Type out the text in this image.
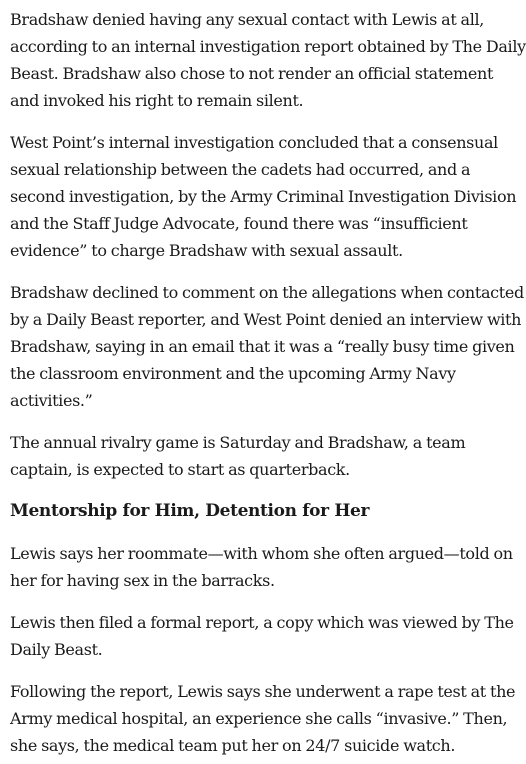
Bradshaw denied having any sexual contact with Lewis at all, according to an internal investigation report obtained by The Daily Beast. Bradshaw also chose to not render an official statement and invoked his right to remain silent.

West Point’s internal investigation concluded that a consensual sexual relationship between the cadets had occurred, and a second investigation, by the Army Criminal Investigation Division and the Staff Judge Advocate, found there was “insufficient evidence” to charge Bradshaw with sexual assault.

Bradshaw declined to comment on the allegations when contacted by a Daily Beast reporter, and West Point denied an interview with Bradshaw, saying in an email that it was a “really busy time given the classroom environment and the upcoming Army Navy activities.”

The annual rivalry game is Saturday and Bradshaw, a team captain, is expected to start as quarterback.

Mentorship for Him, Detention for Her

Lewis says her roommate—with whom she often argued—told on her for having sex in the barracks.

Lewis then filed a formal report, a copy which was viewed by The Daily Beast.

Following the report, Lewis says she underwent a rape test at the Army medical hospital, an experience she calls “invasive.” Then, she says, the medical team put her on 24/7 suicide watch.
